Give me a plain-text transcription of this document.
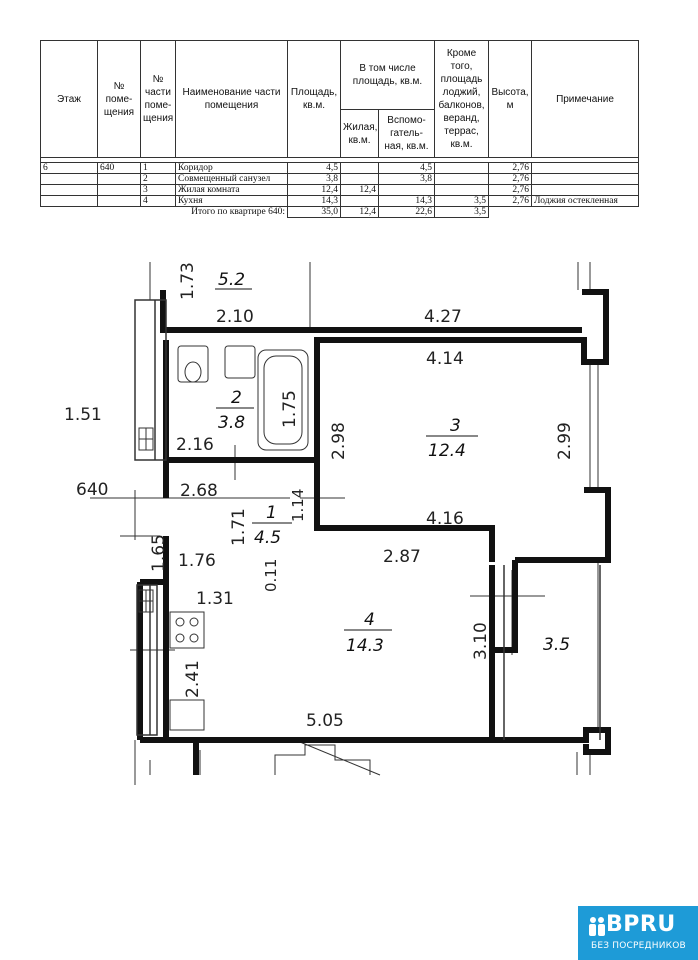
Этаж	№ поме-щения	№ части поме-щения	Наименование части помещения	Площадь, кв.м.	В том числе площадь, кв.м.		Кроме того, площадь лоджий, балконов, веранд, террас, кв.м.	Высота, м	Примечание
					Жилая, кв.м.	Вспомо-гатель-ная, кв.м.			

6	640	1	Коридор	4,5		4,5		2,76	
		2	Совмещенный санузел	3,8		3,8		2,76	
		3	Жилая комната	12,4	12,4			2,76	
		4	Кухня	14,3		14,3	3,5	2,76	Лоджия остекленная
			Итого по квартире 640:	35,0	12,4	22,6	3,5		
1.73
2.10	4.27
4.14
1.75
1.51
2.16	2.98	2.99
640	2.68	1.14	4.16
1.65
1.71
2.87
1.76	0.11
1.31
3.10
2.41
5.05
5.2
2
3.8	3
12.4
1
4.5
4
14.3	3.5
BPRU
БЕЗ ПОСРЕДНИКОВ
